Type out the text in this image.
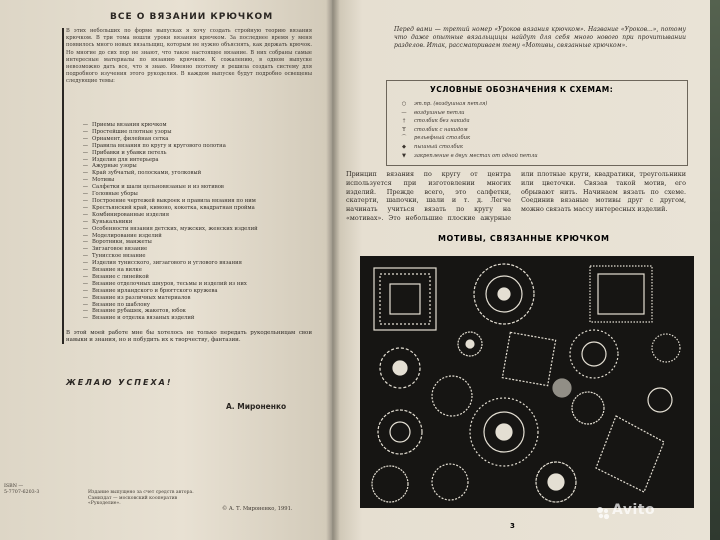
ВСЕ О ВЯЗАНИИ КРЮЧКОМ
В этих небольших по форме выпусках я хочу создать стройную теорию вязания крючком. В три тома вошли уроки вязания крючком. За последнее время у меня появилось много новых вязальщиц, которым не нужно объяснять, как держать крючок. Но многие до сих пор не знают, что такое настоящее вязание. В них собраны самые интересные материалы по вязанию крючком. К сожалению, в одном выпуске невозможно дать все, что я знаю. Именно поэтому я решила создать систему для подробного изучения этого рукоделия. В каждом выпуске будут подробно освещены следующие темы:
— Приемы вязания крючком
— Простейшие плотные узоры
— Орнамент, филейная сетка
— Правила вязания по кругу и кругового полотна
— Прибавки и убавки петель
— Изделия для интерьера
— Ажурные узоры
— Край зубчатый, полосками, уголковый
— Мотивы
— Салфетки и шали цельновязаные и из мотивов
— Головные уборы
— Построение чертежей выкроек и правила вязания по ним
— Крестьянский край, кимоно, кокетка, квадратная пройма
— Комбинированные изделия
— Кунькальники
— Особенности вязания детских, мужских, женских изделий
— Моделирование изделий
— Воротники, манжеты
— Зигзаговое вязание
— Тунисское вязание
— Изделия тунисского, зигзагового и углового вязания
— Вязание на вилке
— Вязание с линейкой
— Вязание отделочных шнуров, тесьмы и изделий из них
— Вязание ирландского и брюггского кружева
— Вязание из различных материалов
— Вязание по шаблону
— Вязание рубашек, жакетов, юбок
— Вязание и отделка вязаных изделий
В этой моей работе мне бы хотелось не только передать рукодельницам свои навыки и знания, но и побудить их к творчеству, фантазии.
ЖЕЛАЮ УСПЕХА!
А. Мироненко
ISBN —
5-7707-6203-3	Издание выпущено за счет средств автора. Самиздат — московский кооператив «Рукоделие».
© А. Т. Мироненко, 1991.
Перед вами — третий номер «Уроков вязания крючком». Название «Уроков...», потому что даже опытные вязальщицы найдут для себя много нового при прочитывании разделов. Итак, рассматриваем тему «Мотивы, связанные крючком».
УСЛОВНЫЕ ОБОЗНАЧЕНИЯ К СХЕМАМ:
○ эт.пр. (воздушная петля)
— воздушные петли
† столбик без накида
Ŧ столбик с накидом
⌒ рельефный столбик
◆ пышный столбик
▼ закрепление в двух местах от одной петли
Принцип вязания по кругу от центра используется при изготовлении многих изделий. Прежде всего, это салфетки, скатерти, шапочки, шали и т. д. Легче начинать учиться вязать по кругу на «мотивах». Это небольшие плоские ажурные или плотные круги, квадратики, треугольники или цветочки. Связав такой мотив, его обрывают нить. Начинаем вязать по схеме. Соединив вязаные мотивы друг с другом, можно связать массу интересных изделий.
МОТИВЫ, СВЯЗАННЫЕ КРЮЧКОМ
3
Avito
